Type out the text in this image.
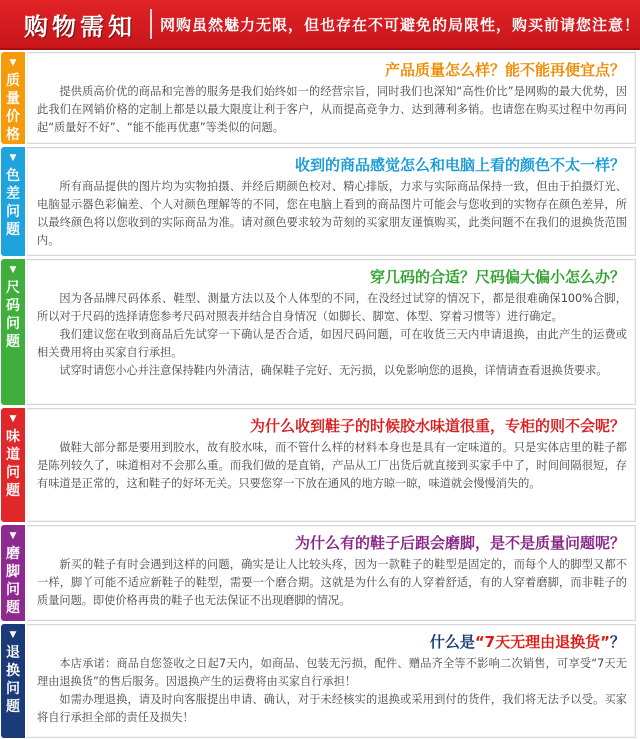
购物需知	网购虽然魅力无限，但也存在不可避免的局限性，购买前请您注意！
▼
质量价格
产品质量怎么样？能不能再便宜点？

提供质高价优的商品和完善的服务是我们始终如一的经营宗旨，同时我们也深知“高性价比”是网购的最大优势，因此我们在网销价格的定制上都是以最大限度让利于客户，从而提高竞争力、达到薄利多销。也请您在购买过程中勿再问起“质量好不好”、“能不能再优惠”等类似的问题。

▼
色差问题
收到的商品感觉怎么和电脑上看的颜色不太一样？

所有商品提供的图片均为实物拍摄、并经后期颜色校对、精心排版，力求与实际商品保持一致，但由于拍摄灯光、电脑显示器色彩偏差、个人对颜色理解等的不同，您在电脑上看到的商品图片可能会与您收到的实物存在颜色差异，所以最终颜色将以您收到的实际商品为准。请对颜色要求较为苛刻的买家朋友谨慎购买，此类问题不在我们的退换货范围内。

▼
尺码问题
穿几码的合适？尺码偏大偏小怎么办？

因为各品牌尺码体系、鞋型、测量方法以及个人体型的不同，在没经过试穿的情况下，都是很难确保100%合脚，所以对于尺码的选择请您参考尺码对照表并结合自身情况（如脚长、脚宽、体型、穿着习惯等）进行确定。

我们建议您在收到商品后先试穿一下确认是否合适，如因尺码问题，可在收货三天内申请退换，由此产生的运费或相关费用将由买家自行承担。

试穿时请您小心并注意保持鞋内外清洁，确保鞋子完好、无污损，以免影响您的退换，详情请查看退换货要求。

▼
味道问题
为什么收到鞋子的时候胶水味道很重，专柜的则不会呢？

做鞋大部分都是要用到胶水，故有胶水味，而不管什么样的材料本身也是具有一定味道的。只是实体店里的鞋子都是陈列较久了，味道相对不会那么重。而我们做的是直销，产品从工厂出货后就直接到买家手中了，时间间隔很短，存有味道是正常的，这和鞋子的好坏无关。只要您穿一下放在通风的地方晾一晾，味道就会慢慢消失的。

▼
磨脚问题
为什么有的鞋子后跟会磨脚，是不是质量问题呢？

新买的鞋子有时会遇到这样的问题，确实是让人比较头疼，因为一款鞋子的鞋型是固定的，而每个人的脚型又都不一样，脚丫可能不适应新鞋子的鞋型，需要一个磨合期。这就是为什么有的人穿着舒适，有的人穿着磨脚，而非鞋子的质量问题。即使价格再贵的鞋子也无法保证不出现磨脚的情况。

▼
退换问题
什么是“7天无理由退换货”？

本店承诺：商品自您签收之日起7天内，如商品、包装无污损，配件、赠品齐全等不影响二次销售，可享受“7天无理由退换货”的售后服务。因退换产生的运费将由买家自行承担！

如需办理退换，请及时向客服提出申请、确认，对于未经核实的退换或采用到付的货件，我们将无法予以受。买家将自行承担全部的责任及损失！
